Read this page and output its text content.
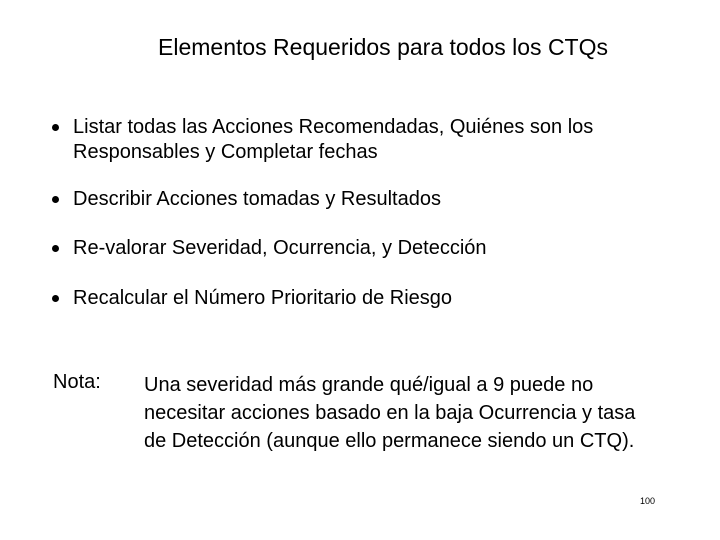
Elementos Requeridos para todos los CTQs
Listar todas las Acciones Recomendadas, Quiénes son los Responsables y Completar fechas
Describir Acciones tomadas y Resultados
Re-valorar Severidad, Ocurrencia, y Detección
Recalcular el Número Prioritario de Riesgo
Nota: Una severidad más grande qué/igual a 9 puede no necesitar acciones basado en la baja Ocurrencia y tasa de Detección (aunque ello permanece siendo un CTQ).
100
